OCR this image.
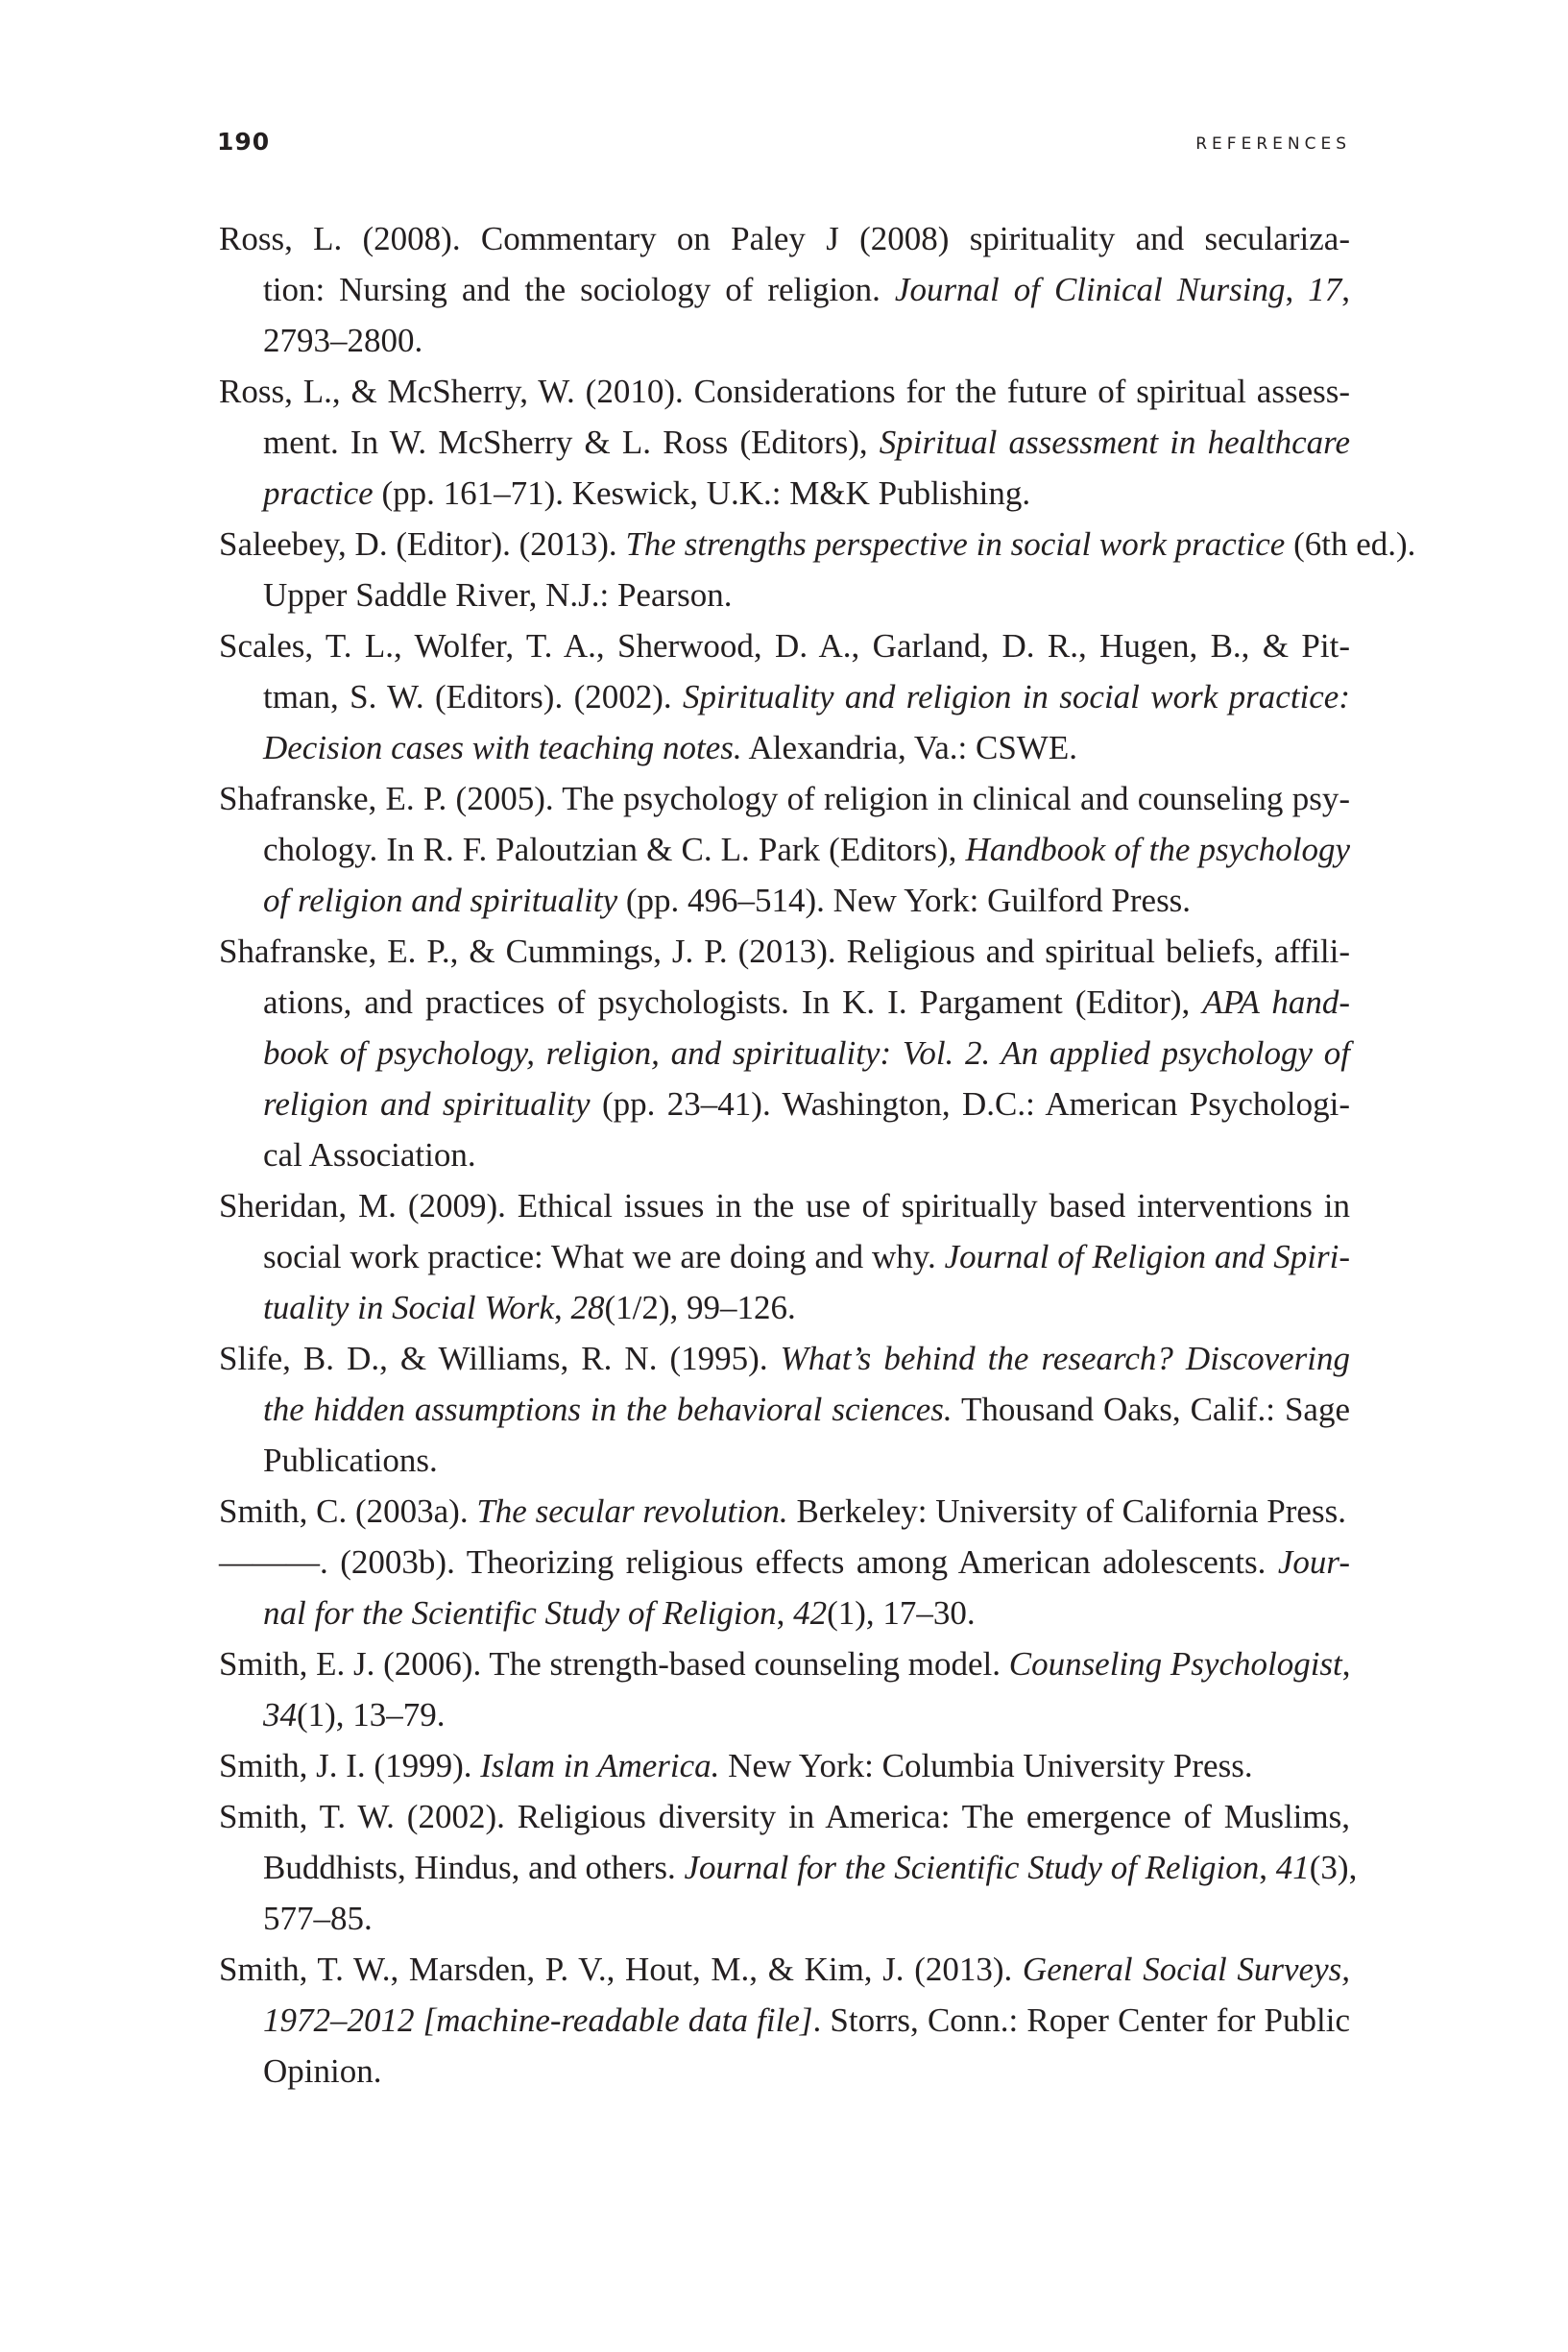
190	REFERENCES
Ross, L. (2008). Commentary on Paley J (2008) spirituality and seculariza-
tion: Nursing and the sociology of religion. Journal of Clinical Nursing, 17,
2793–2800.
Ross, L., & McSherry, W. (2010). Considerations for the future of spiritual assess-
ment. In W. McSherry & L. Ross (Editors), Spiritual assessment in healthcare
practice (pp. 161–71). Keswick, U.K.: M&K Publishing.
Saleebey, D. (Editor). (2013). The strengths perspective in social work practice (6th ed.).
Upper Saddle River, N.J.: Pearson.
Scales, T. L., Wolfer, T. A., Sherwood, D. A., Garland, D. R., Hugen, B., & Pit-
tman, S. W. (Editors). (2002). Spirituality and religion in social work practice:
Decision cases with teaching notes. Alexandria, Va.: CSWE.
Shafranske, E. P. (2005). The psychology of religion in clinical and counseling psy-
chology. In R. F. Paloutzian & C. L. Park (Editors), Handbook of the psychology
of religion and spirituality (pp. 496–514). New York: Guilford Press.
Shafranske, E. P., & Cummings, J. P. (2013). Religious and spiritual beliefs, affili-
ations, and practices of psychologists. In K. I. Pargament (Editor), APA hand-
book of psychology, religion, and spirituality: Vol. 2. An applied psychology of
religion and spirituality (pp. 23–41). Washington, D.C.: American Psychologi-
cal Association.
Sheridan, M. (2009). Ethical issues in the use of spiritually based interventions in
social work practice: What we are doing and why. Journal of Religion and Spiri-
tuality in Social Work, 28(1/2), 99–126.
Slife, B. D., & Williams, R. N. (1995). What’s behind the research? Discovering
the hidden assumptions in the behavioral sciences. Thousand Oaks, Calif.: Sage
Publications.
Smith, C. (2003a). The secular revolution. Berkeley: University of California Press.
———. (2003b). Theorizing religious effects among American adolescents. Jour-
nal for the Scientific Study of Religion, 42(1), 17–30.
Smith, E. J. (2006). The strength-based counseling model. Counseling Psychologist,
34(1), 13–79.
Smith, J. I. (1999). Islam in America. New York: Columbia University Press.
Smith, T. W. (2002). Religious diversity in America: The emergence of Muslims,
Buddhists, Hindus, and others. Journal for the Scientific Study of Religion, 41(3),
577–85.
Smith, T. W., Marsden, P. V., Hout, M., & Kim, J. (2013). General Social Surveys,
1972–2012 [machine-readable data file]. Storrs, Conn.: Roper Center for Public
Opinion.
